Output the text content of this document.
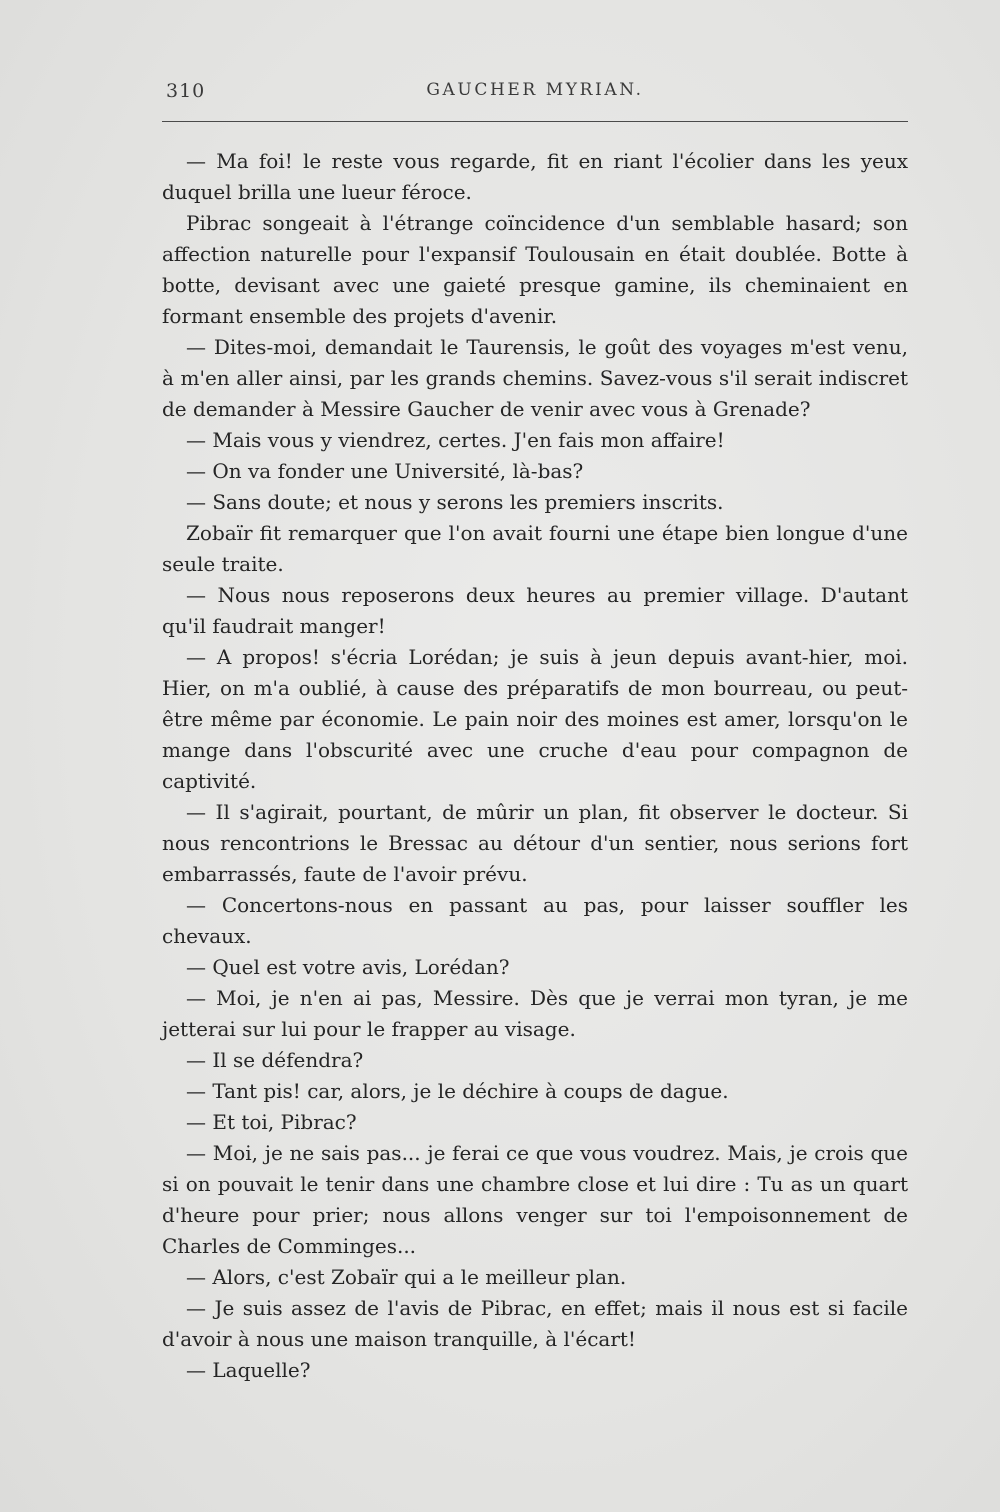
310	GAUCHER MYRIAN.

— Ma foi! le reste vous regarde, fit en riant l'écolier dans les yeux duquel brilla une lueur féroce.

Pibrac songeait à l'étrange coïncidence d'un semblable hasard; son affection naturelle pour l'expansif Toulousain en était doublée. Botte à botte, devisant avec une gaieté presque gamine, ils cheminaient en formant ensemble des projets d'avenir.

— Dites-moi, demandait le Taurensis, le goût des voyages m'est venu, à m'en aller ainsi, par les grands chemins. Savez-vous s'il serait indiscret de demander à Messire Gaucher de venir avec vous à Grenade?

— Mais vous y viendrez, certes. J'en fais mon affaire!

— On va fonder une Université, là-bas?

— Sans doute; et nous y serons les premiers inscrits.

Zobaïr fit remarquer que l'on avait fourni une étape bien longue d'une seule traite.

— Nous nous reposerons deux heures au premier village. D'autant qu'il faudrait manger!

— A propos! s'écria Lorédan; je suis à jeun depuis avant-hier, moi. Hier, on m'a oublié, à cause des préparatifs de mon bourreau, ou peut-être même par économie. Le pain noir des moines est amer, lorsqu'on le mange dans l'obscurité avec une cruche d'eau pour compagnon de captivité.

— Il s'agirait, pourtant, de mûrir un plan, fit observer le docteur. Si nous rencontrions le Bressac au détour d'un sentier, nous serions fort embarrassés, faute de l'avoir prévu.

— Concertons-nous en passant au pas, pour laisser souffler les chevaux.

— Quel est votre avis, Lorédan?

— Moi, je n'en ai pas, Messire. Dès que je verrai mon tyran, je me jetterai sur lui pour le frapper au visage.

— Il se défendra?

— Tant pis! car, alors, je le déchire à coups de dague.

— Et toi, Pibrac?

— Moi, je ne sais pas... je ferai ce que vous voudrez. Mais, je crois que si on pouvait le tenir dans une chambre close et lui dire : Tu as un quart d'heure pour prier; nous allons venger sur toi l'empoisonnement de Charles de Comminges...

— Alors, c'est Zobaïr qui a le meilleur plan.

— Je suis assez de l'avis de Pibrac, en effet; mais il nous est si facile d'avoir à nous une maison tranquille, à l'écart!

— Laquelle?
